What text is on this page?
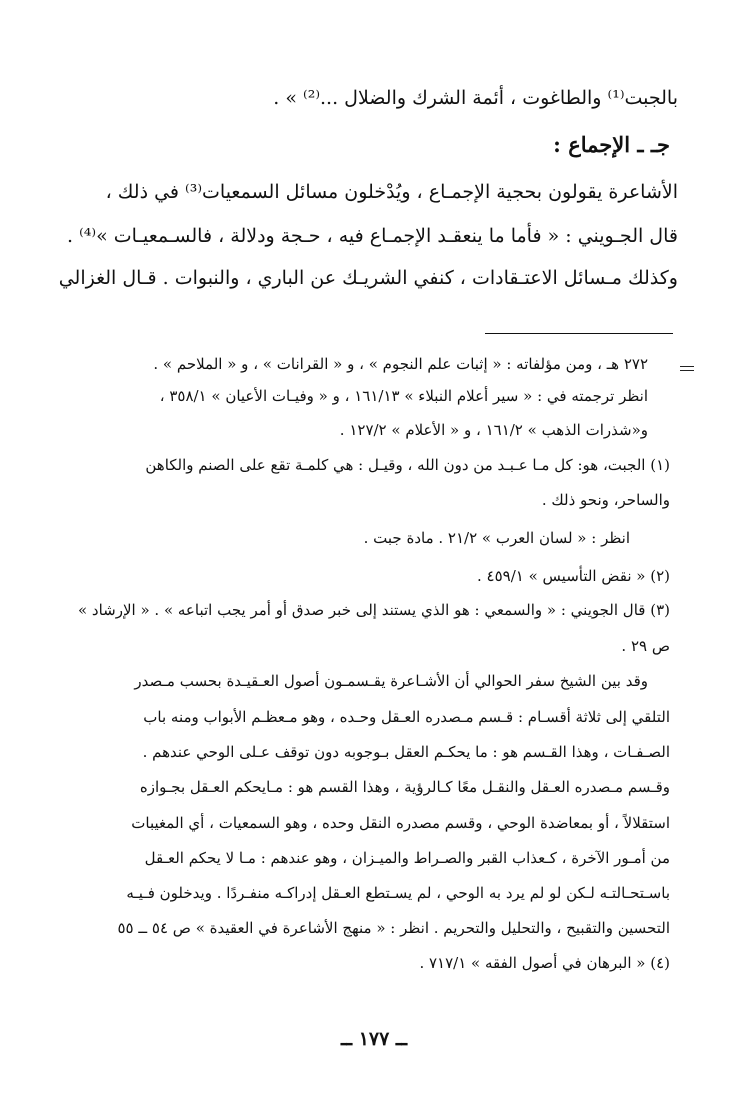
بالجبت⁽¹⁾ والطاغوت ، أئمة الشرك والضلال ...⁽²⁾ » .
جـ ـ الإجماع :
الأشاعرة يقولون بحجية الإجمـاع ، ويُدْخلون مسائل السمعيات⁽³⁾ في ذلك ،
قال الجـويني : « فأما ما ينعقـد الإجمـاع فيه ، حـجة ودلالة ، فالسـمعيـات »⁽⁴⁾ .
وكذلك مـسائل الاعتـقادات ، كنفي الشريـك عن الباري ، والنبوات . قـال الغزالي
٢٧٢ هـ ، ومن مؤلفاته : « إثبات علم النجوم » ، و « القرانات » ، و « الملاحم » .
انظر ترجمته في : « سير أعلام النبلاء » ١٦١/١٣ ، و « وفيـات الأعيان » ٣٥٨/١ ،
و«شذرات الذهب » ١٦١/٢ ، و « الأعلام » ١٢٧/٢ .
(١) الجبت، هو: كل مـا عـبـد من دون الله ، وقيـل : هي كلمـة تقع على الصنم والكاهن
والساحر، ونحو ذلك .
انظر : « لسان العرب » ٢١/٢ . مادة جبت .
(٢) « نقض التأسيس » ٤٥٩/١ .
(٣) قال الجويني : « والسمعي : هو الذي يستند إلى خبر صدق أو أمر يجب اتباعه » . « الإرشاد »
ص ٢٩ .
وقد بين الشيخ سفر الحوالي أن الأشـاعرة يقـسمـون أصول العـقيـدة بحسب مـصدر
التلقي إلى ثلاثة أقسـام : قـسم مـصدره العـقل وحـده ، وهو مـعظـم الأبواب ومنه باب
الصـفـات ، وهذا القـسم هو : ما يحكـم العقل بـوجوبه دون توقف عـلى الوحي عندهم .
وقـسم مـصدره العـقل والنقـل معًا كـالرؤية ، وهذا القسم هو : مـايحكم العـقل بجـوازه
استقلالاً ، أو بمعاضدة الوحي ، وقسم مصدره النقل وحده ، وهو السمعيات ، أي المغيبات
من أمـور الآخرة ، كـعذاب القبر والصـراط والميـزان ، وهو عندهم : مـا لا يحكم العـقل
باسـتحـالتـه لـكن لو لم يرد به الوحي ، لم يسـتطع العـقل إدراكـه منفـردًا . ويدخلون فـيـه
التحسين والتقبيح ، والتحليل والتحريم . انظر : « منهج الأشاعرة في العقيدة » ص ٥٤ ــ ٥٥
(٤) « البرهان في أصول الفقه » ٧١٧/١ .
ــ ١٧٧ ــ
